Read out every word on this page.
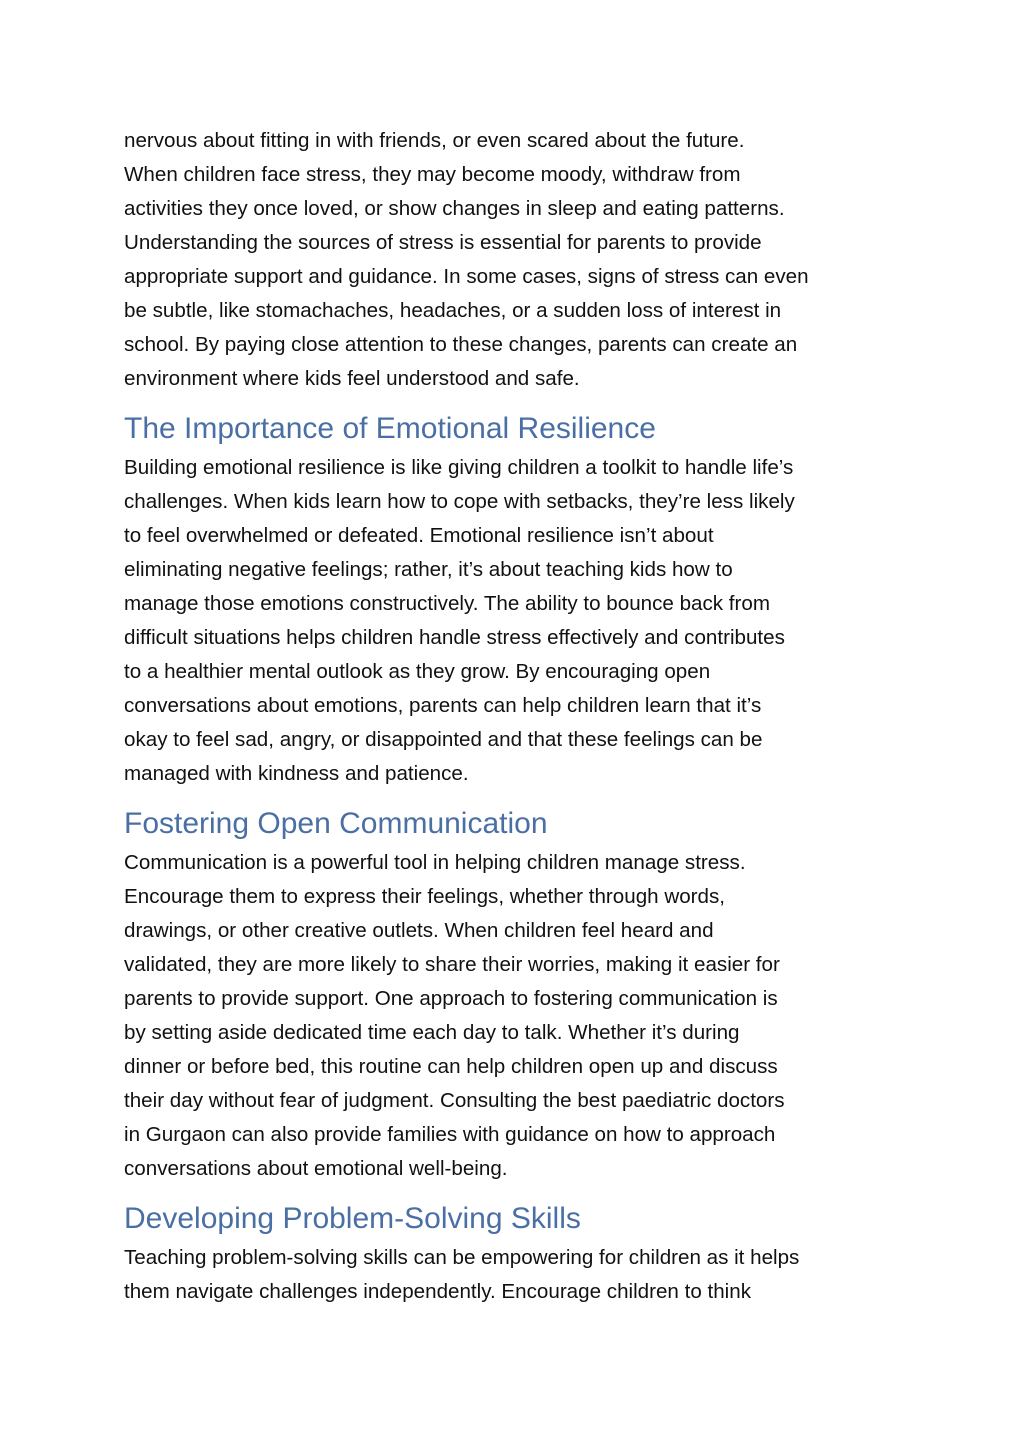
nervous about fitting in with friends, or even scared about the future.
When children face stress, they may become moody, withdraw from
activities they once loved, or show changes in sleep and eating patterns.
Understanding the sources of stress is essential for parents to provide
appropriate support and guidance. In some cases, signs of stress can even
be subtle, like stomachaches, headaches, or a sudden loss of interest in
school. By paying close attention to these changes, parents can create an
environment where kids feel understood and safe.

The Importance of Emotional Resilience

Building emotional resilience is like giving children a toolkit to handle life’s
challenges. When kids learn how to cope with setbacks, they’re less likely
to feel overwhelmed or defeated. Emotional resilience isn’t about
eliminating negative feelings; rather, it’s about teaching kids how to
manage those emotions constructively. The ability to bounce back from
difficult situations helps children handle stress effectively and contributes
to a healthier mental outlook as they grow. By encouraging open
conversations about emotions, parents can help children learn that it’s
okay to feel sad, angry, or disappointed and that these feelings can be
managed with kindness and patience.

Fostering Open Communication

Communication is a powerful tool in helping children manage stress.
Encourage them to express their feelings, whether through words,
drawings, or other creative outlets. When children feel heard and
validated, they are more likely to share their worries, making it easier for
parents to provide support. One approach to fostering communication is
by setting aside dedicated time each day to talk. Whether it’s during
dinner or before bed, this routine can help children open up and discuss
their day without fear of judgment. Consulting the best paediatric doctors
in Gurgaon can also provide families with guidance on how to approach
conversations about emotional well-being.

Developing Problem-Solving Skills

Teaching problem-solving skills can be empowering for children as it helps
them navigate challenges independently. Encourage children to think
